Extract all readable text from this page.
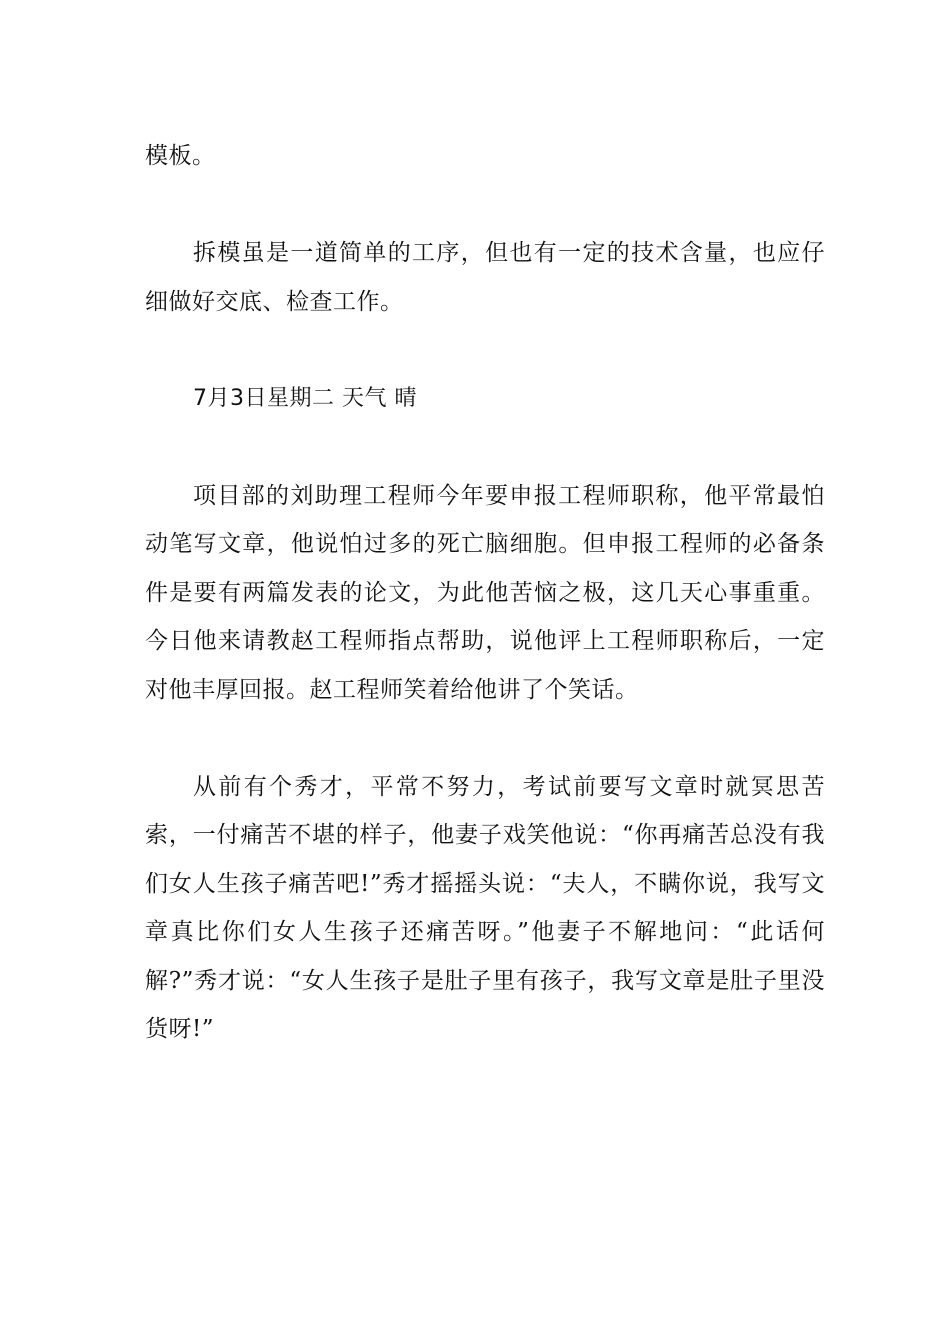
模板。

拆模虽是一道简单的工序，但也有一定的技术含量，也应仔细做好交底、检查工作。

7月3日星期二 天气 晴

项目部的刘助理工程师今年要申报工程师职称，他平常最怕动笔写文章，他说怕过多的死亡脑细胞。但申报工程师的必备条件是要有两篇发表的论文，为此他苦恼之极，这几天心事重重。今日他来请教赵工程师指点帮助，说他评上工程师职称后，一定对他丰厚回报。赵工程师笑着给他讲了个笑话。

从前有个秀才，平常不努力，考试前要写文章时就冥思苦索，一付痛苦不堪的样子，他妻子戏笑他说：“你再痛苦总没有我们女人生孩子痛苦吧!”秀才摇摇头说：“夫人，不瞒你说，我写文章真比你们女人生孩子还痛苦呀。”他妻子不解地问：“此话何解?”秀才说：“女人生孩子是肚子里有孩子，我写文章是肚子里没货呀!”
